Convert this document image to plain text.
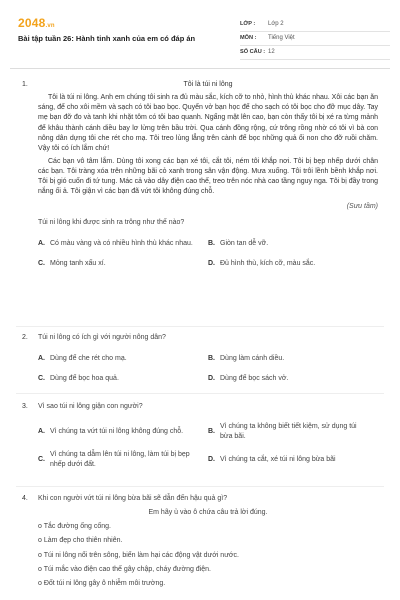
2048.vn
Bài tập tuần 26: Hành tinh xanh của em có đáp án
LỚP :	Lớp 2
MÔN :	Tiếng Việt
SỐ CÂU : 12
1.	Tôi là túi ni lông
Tôi là túi ni lông. Anh em chúng tôi sinh ra đủ màu sắc, kích cỡ to nhỏ, hình thù khác nhau. Xôi các bạn ăn sáng, để cho xôi mềm và sạch có tôi bao bọc. Quyển vở bạn học để cho sạch có tôi bọc cho đỡ mục dây. Tay mẹ bạn đỡ đo và tanh khi nhặt tôm có tôi bao quanh. Ngẩng mặt lên cao, bạn còn thấy tôi bị xé ra từng mảnh để khâu thành cánh diều bay lơ lửng trên bầu trời. Qua cánh đồng rộng, cứ trông rồng nhờ có tôi vì bà con nông dân dựng tôi che rét cho mạ. Tôi treo lủng lẳng trên cành để bọc những quả ổi non cho đỡ ruồi chăm. Vậy tôi có ích lắm chứ!
Các bạn vô tâm lắm. Dùng tôi xong các bạn xé tôi, cắt tôi, ném tôi khắp nơi. Tôi bị bẹp nhếp dưới chân các bạn. Tôi tràng xóa trên những bãi cỏ xanh trong sân vận động. Mưa xuống. Tôi trôi lềnh bềnh khắp nơi. Tôi bị gió cuốn đi tứ tung. Mác cả vào dây điện cao thế, treo trên nóc nhà cao tầng nguy nga. Tôi bị đầy trong nắng ối ả. Tôi giận vì các bạn đã vứt tôi không đúng chỗ.
(Sưu tầm)
Túi ni lông khi được sinh ra trông như thế nào?
A. Có màu vàng và có nhiều hình thù khác nhau.	B. Giòn tan dễ vỡ.
C. Mỏng tanh xấu xí.	D. Đủ hình thù, kích cỡ, màu sắc.
2. Túi ni lông có ích gì với người nông dân?
A. Dùng để che rét cho mạ.	B. Dùng làm cánh diều.
C. Dùng để bọc hoa quả.	D. Dùng để bọc sách vở.
3. Vì sao túi ni lông giận con người?
A. Vì chúng ta vứt túi ni lông không đúng chỗ.	B.
Vì chúng ta không biết tiết kiệm, sử dụng túi bừa bãi.
C.
Vì chúng ta dẫm lên túi ni lông, làm túi bị bẹp nhếp dưới đất.
D. Vì chúng ta cắt, xé túi ni lông bừa bãi
4. Khi con người vứt túi ni lông bừa bãi sẽ dẫn đến hậu quả gì?
Em hãy ủ vào ô chứa câu trả lời đúng.
o Tắc đường ống cống.
o Làm đẹp cho thiên nhiên.
o Túi ni lông nổi trên sông, biển làm hại các động vật dưới nước.
o Túi mắc vào điện cao thế gây chập, cháy đường điện.
o Đốt túi ni lông gây ô nhiễm môi trường.
